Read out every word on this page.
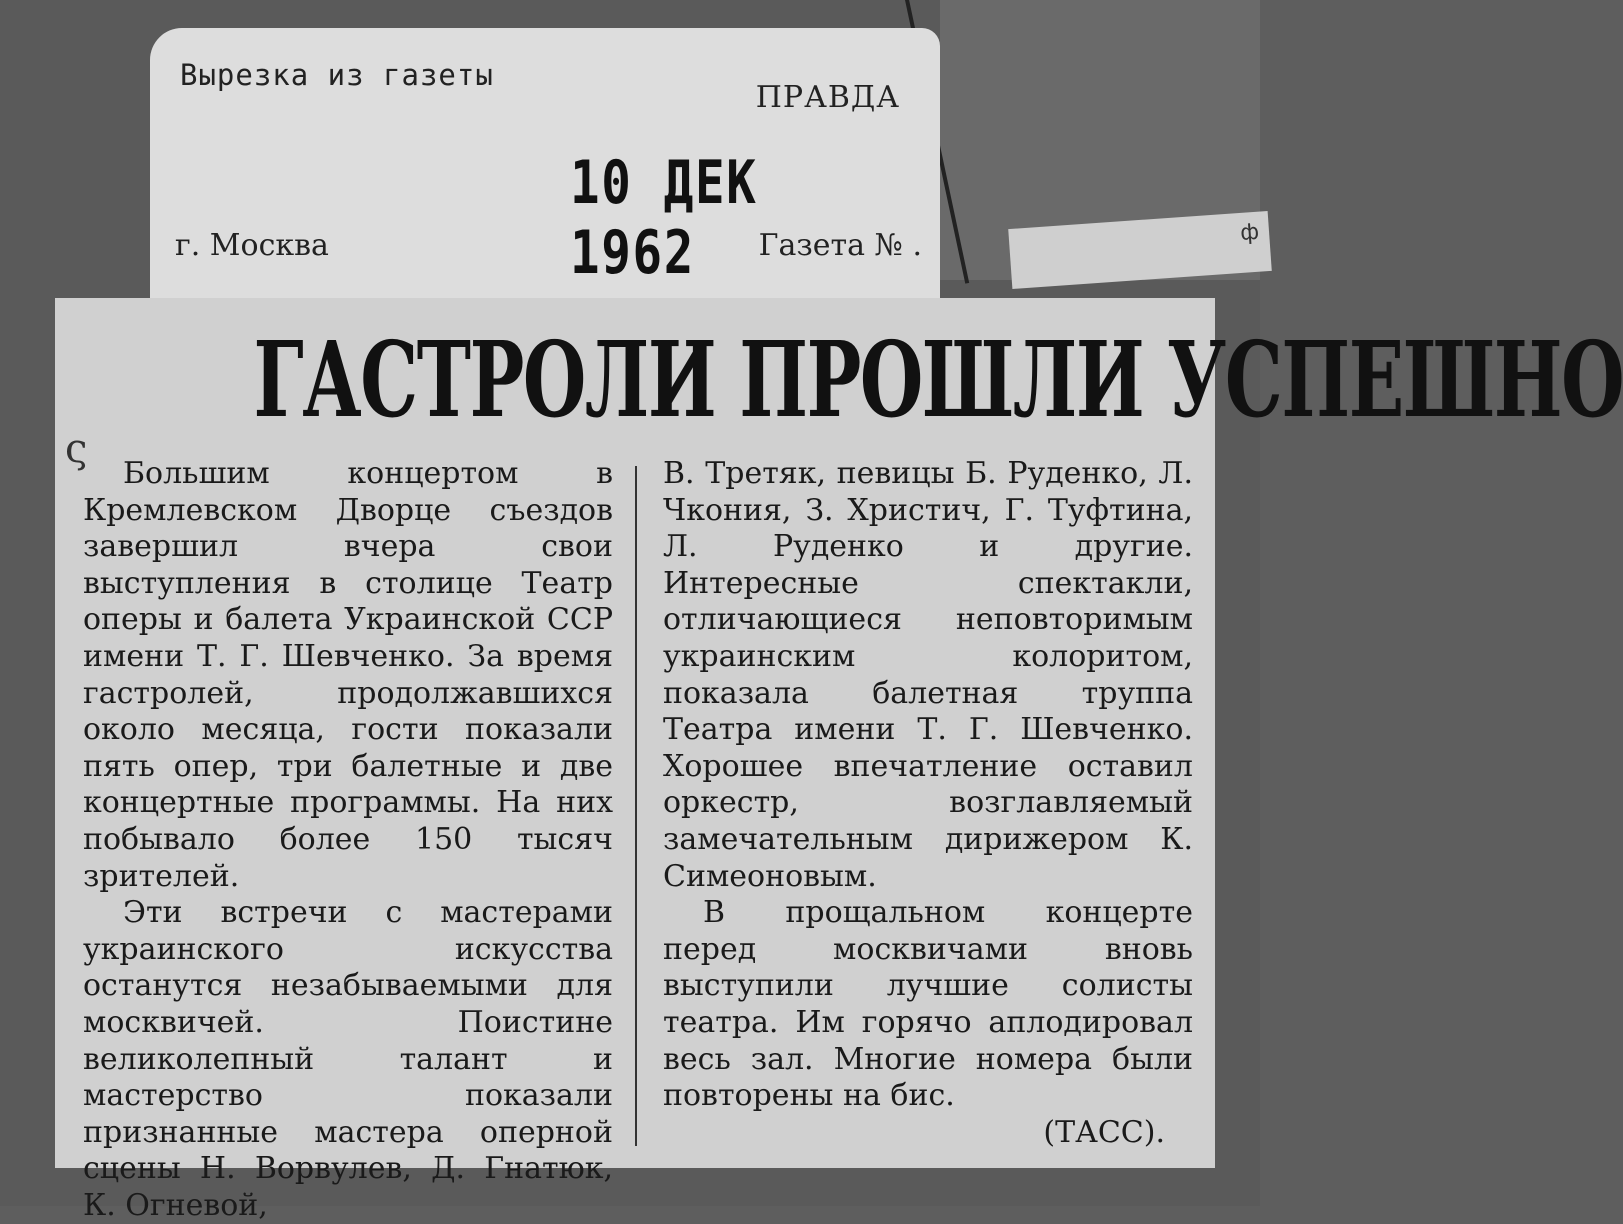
ф
Вырезка из газеты
ПРАВДА
10 ДЕК 1962
г. Москва	Газета № .
ГАСТРОЛИ ПРОШЛИ УСПЕШНО
ς

Большим концертом в Кремлевском Дворце съездов завершил вчера свои выступления в столице Театр оперы и балета Украинской ССР имени Т. Г. Шевченко. За время гастролей, продолжавшихся около месяца, гости показали пять опер, три балетные и две концертные программы. На них побывало более 150 тысяч зрителей.

Эти встречи с мастерами украинского искусства останутся незабываемыми для москвичей. Поистине великолепный талант и мастерство показали признанные мастера оперной сцены Н. Ворвулев, Д. Гнатюк, К. Огневой,

В. Третяк, певицы Б. Руденко, Л. Чкония, З. Христич, Г. Туфтина, Л. Руденко и другие. Интересные спектакли, отличающиеся неповторимым украинским колоритом, показала балетная труппа Театра имени Т. Г. Шевченко. Хорошее впечатление оставил оркестр, возглавляемый замечательным дирижером К. Симеоновым.

В прощальном концерте перед москвичами вновь выступили лучшие солисты театра. Им горячо аплодировал весь зал. Многие номера были повторены на бис.

(ТАСС).
